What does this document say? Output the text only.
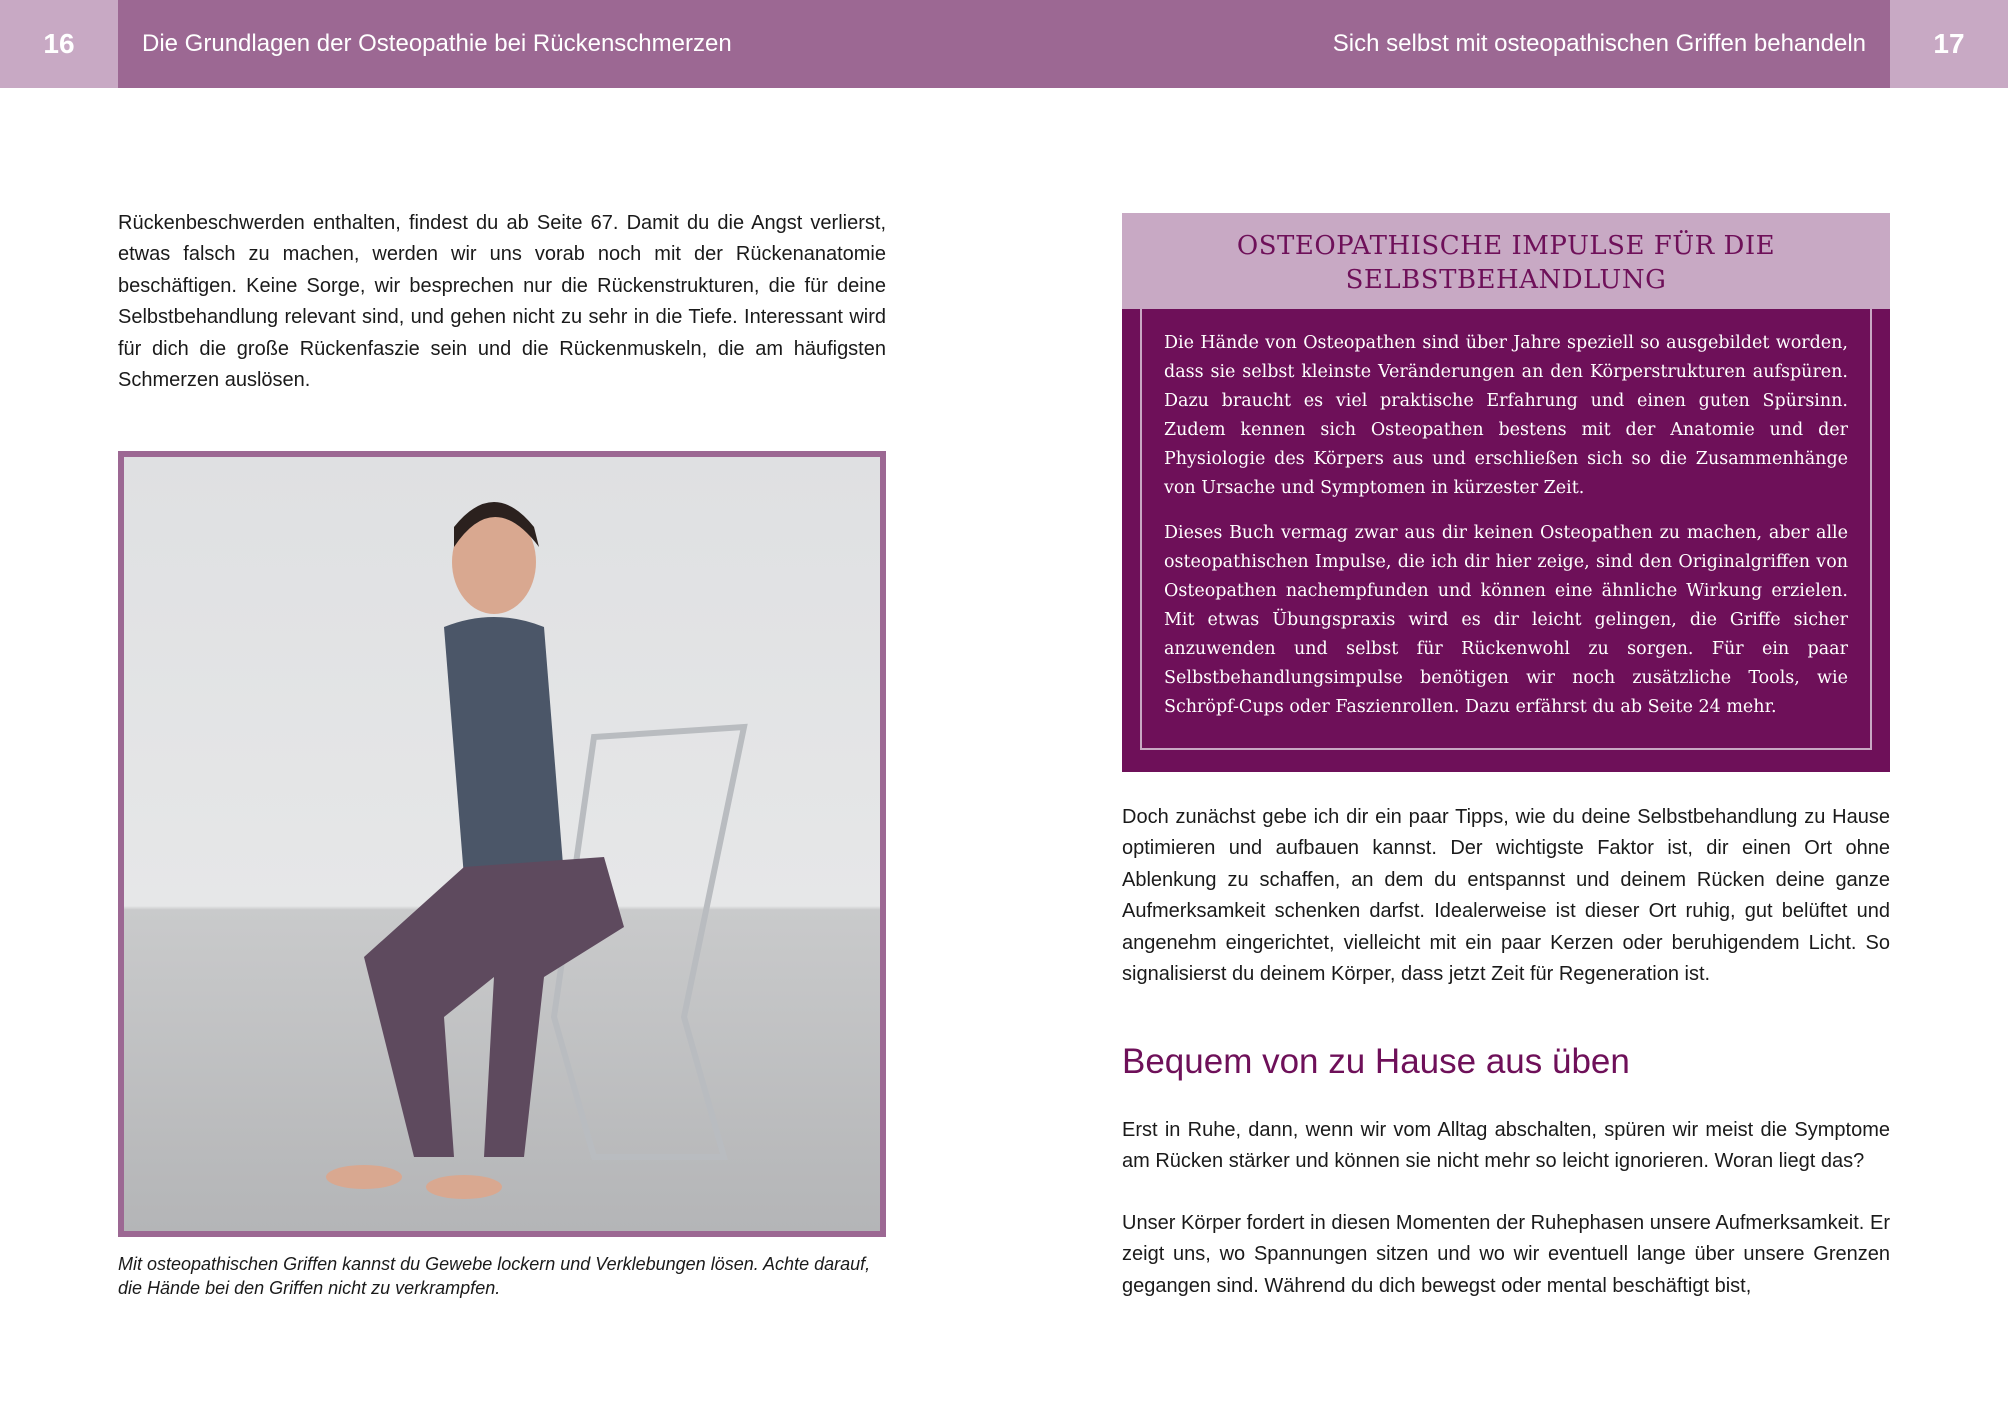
16	Die Grundlagen der Osteopathie bei Rückenschmerzen	Sich selbst mit osteopathischen Griffen behandeln	17
Rückenbeschwerden enthalten, findest du ab Seite 67. Damit du die Angst verlierst, etwas falsch zu machen, werden wir uns vorab noch mit der Rückenanatomie beschäftigen. Keine Sorge, wir besprechen nur die Rückenstrukturen, die für deine Selbstbehandlung relevant sind, und gehen nicht zu sehr in die Tiefe. Interessant wird für dich die große Rückenfaszie sein und die Rückenmuskeln, die am häufigsten Schmerzen auslösen.
Mit osteopathischen Griffen kannst du Gewebe lockern und Verklebungen lösen. Achte darauf, die Hände bei den Griffen nicht zu verkrampfen.
OSTEOPATHISCHE IMPULSE FÜR DIE SELBSTBEHANDLUNG

Die Hände von Osteopathen sind über Jahre speziell so ausgebildet worden, dass sie selbst kleinste Veränderungen an den Körperstrukturen aufspüren. Dazu braucht es viel praktische Erfahrung und einen guten Spürsinn. Zudem kennen sich Osteopathen bestens mit der Anatomie und der Physiologie des Körpers aus und erschließen sich so die Zusammenhänge von Ursache und Symptomen in kürzester Zeit.

Dieses Buch vermag zwar aus dir keinen Osteopathen zu machen, aber alle osteopathischen Impulse, die ich dir hier zeige, sind den Originalgriffen von Osteopathen nachempfunden und können eine ähnliche Wirkung erzielen. Mit etwas Übungspraxis wird es dir leicht gelingen, die Griffe sicher anzuwenden und selbst für Rückenwohl zu sorgen. Für ein paar Selbstbehandlungsimpulse benötigen wir noch zusätzliche Tools, wie Schröpf-Cups oder Faszienrollen. Dazu erfährst du ab Seite 24 mehr.

Doch zunächst gebe ich dir ein paar Tipps, wie du deine Selbstbehandlung zu Hause optimieren und aufbauen kannst. Der wichtigste Faktor ist, dir einen Ort ohne Ablenkung zu schaffen, an dem du entspannst und deinem Rücken deine ganze Aufmerksamkeit schenken darfst. Idealerweise ist dieser Ort ruhig, gut belüftet und angenehm eingerichtet, vielleicht mit ein paar Kerzen oder beruhigendem Licht. So signalisierst du deinem Körper, dass jetzt Zeit für Regeneration ist.
Bequem von zu Hause aus üben
Erst in Ruhe, dann, wenn wir vom Alltag abschalten, spüren wir meist die Symptome am Rücken stärker und können sie nicht mehr so leicht ignorieren. Woran liegt das?
Unser Körper fordert in diesen Momenten der Ruhephasen unsere Aufmerksamkeit. Er zeigt uns, wo Spannungen sitzen und wo wir eventuell lange über unsere Grenzen gegangen sind. Während du dich bewegst oder mental beschäftigt bist,
